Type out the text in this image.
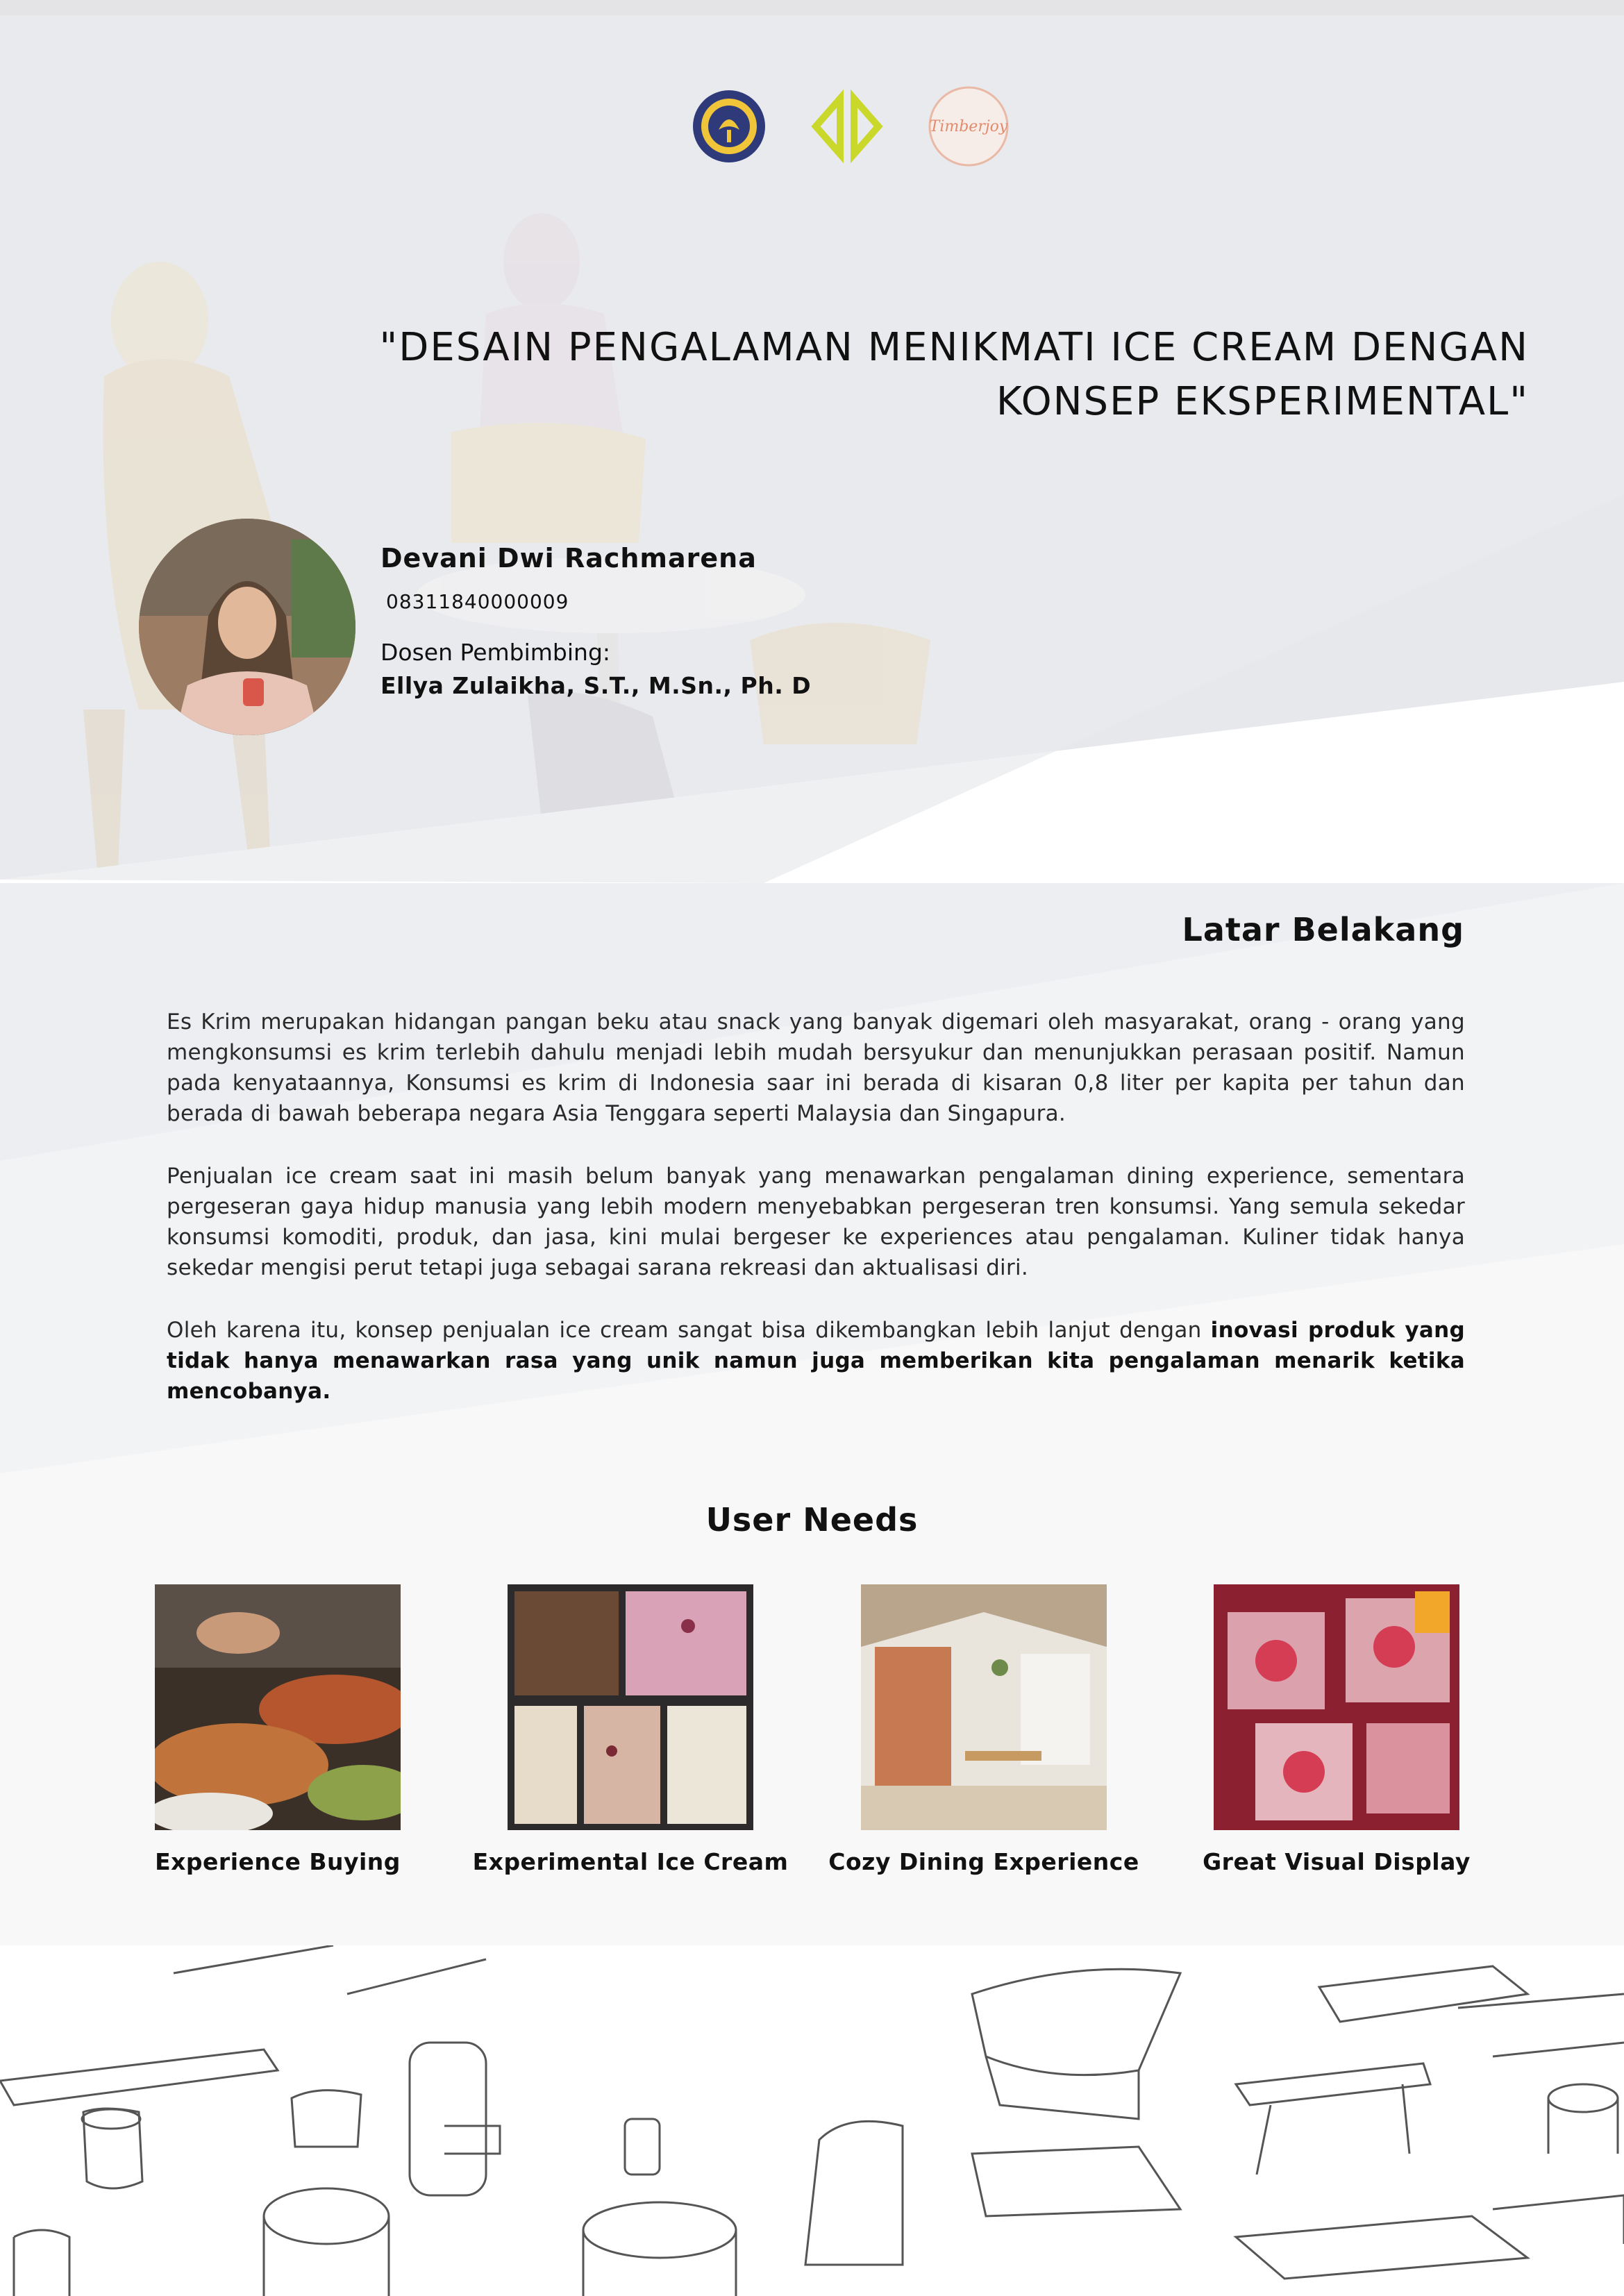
Timberjoy
"DESAIN PENGALAMAN MENIKMATI ICE CREAM DENGAN
KONSEP EKSPERIMENTAL"
Devani Dwi Rachmarena
08311840000009
Dosen Pembimbing:
Ellya Zulaikha, S.T., M.Sn., Ph. D
Latar Belakang

Es Krim merupakan hidangan pangan beku atau snack yang banyak digemari oleh masyarakat, orang - orang yang mengkonsumsi es krim terlebih dahulu menjadi lebih mudah bersyukur dan menunjukkan perasaan positif. Namun pada kenyataannya, Konsumsi es krim di Indonesia saar ini berada di kisaran 0,8 liter per kapita per tahun dan berada di bawah beberapa negara Asia Tenggara seperti Malaysia dan Singapura.

Penjualan ice cream saat ini masih belum banyak yang menawarkan pengalaman dining experience, sementara pergeseran gaya hidup manusia yang lebih modern menyebabkan pergeseran tren konsumsi. Yang semula sekedar konsumsi komoditi, produk, dan jasa, kini mulai bergeser ke experiences atau pengalaman. Kuliner tidak hanya sekedar mengisi perut tetapi juga sebagai sarana rekreasi dan aktualisasi diri.

Oleh karena itu, konsep penjualan ice cream sangat bisa dikembangkan lebih lanjut dengan inovasi produk yang tidak hanya menawarkan rasa yang unik namun juga memberikan kita pengalaman menarik ketika mencobanya.

User Needs
Experience Buying	Experimental Ice Cream Cozy Dining Experience	Great Visual Display
